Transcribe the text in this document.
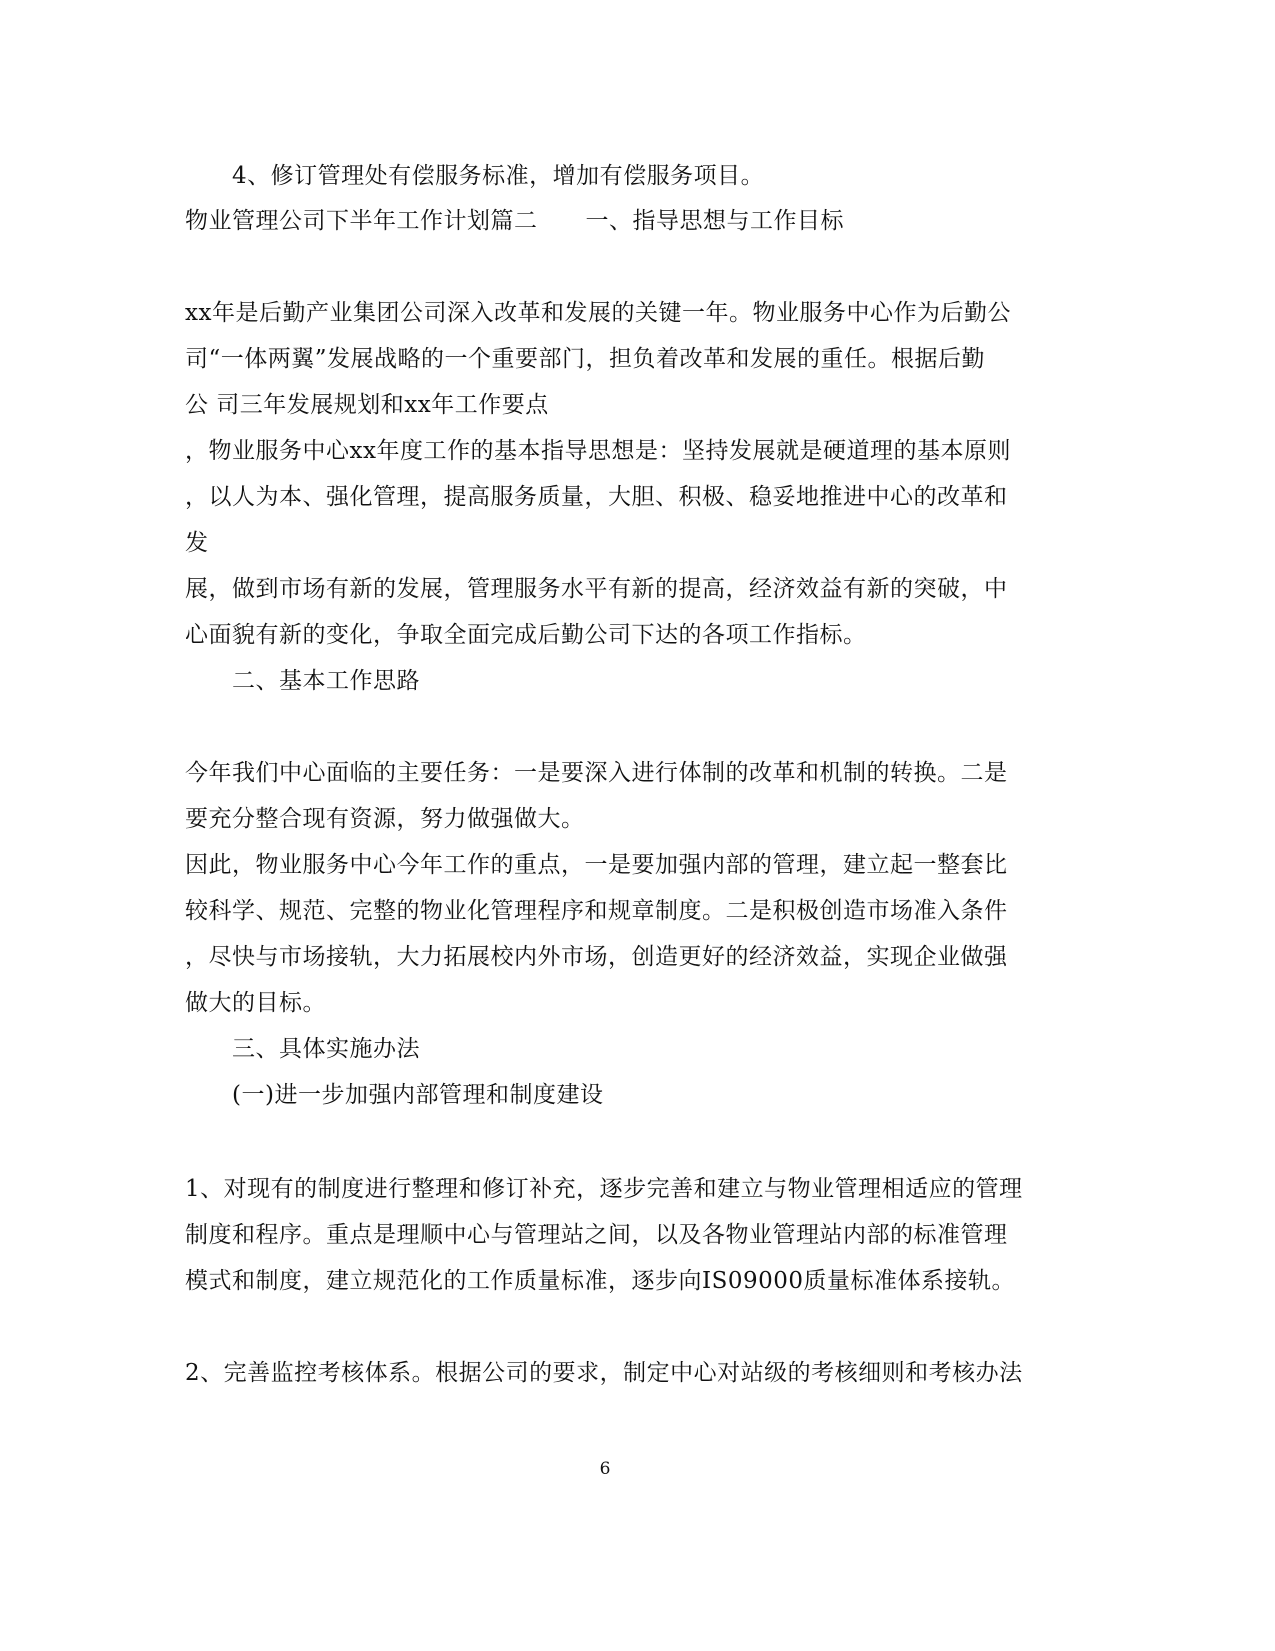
4、修订管理处有偿服务标准，增加有偿服务项目。
物业管理公司下半年工作计划篇二 一、指导思想与工作目标
xx年是后勤产业集团公司深入改革和发展的关键一年。物业服务中心作为后勤公
司“一体两翼”发展战略的一个重要部门，担负着改革和发展的重任。根据后勤
公 司三年发展规划和xx年工作要点
，物业服务中心xx年度工作的基本指导思想是：坚持发展就是硬道理的基本原则
，以人为本、强化管理，提高服务质量，大胆、积极、稳妥地推进中心的改革和
发
展，做到市场有新的发展，管理服务水平有新的提高，经济效益有新的突破，中
心面貌有新的变化，争取全面完成后勤公司下达的各项工作指标。
二、基本工作思路
今年我们中心面临的主要任务：一是要深入进行体制的改革和机制的转换。二是
要充分整合现有资源，努力做强做大。
因此，物业服务中心今年工作的重点，一是要加强内部的管理，建立起一整套比
较科学、规范、完整的物业化管理程序和规章制度。二是积极创造市场准入条件
，尽快与市场接轨，大力拓展校内外市场，创造更好的经济效益，实现企业做强
做大的目标。
三、具体实施办法
(一)进一步加强内部管理和制度建设
1、对现有的制度进行整理和修订补充，逐步完善和建立与物业管理相适应的管理
制度和程序。重点是理顺中心与管理站之间，以及各物业管理站内部的标准管理
模式和制度，建立规范化的工作质量标准，逐步向IS09000质量标准体系接轨。
2、完善监控考核体系。根据公司的要求，制定中心对站级的考核细则和考核办法
6
